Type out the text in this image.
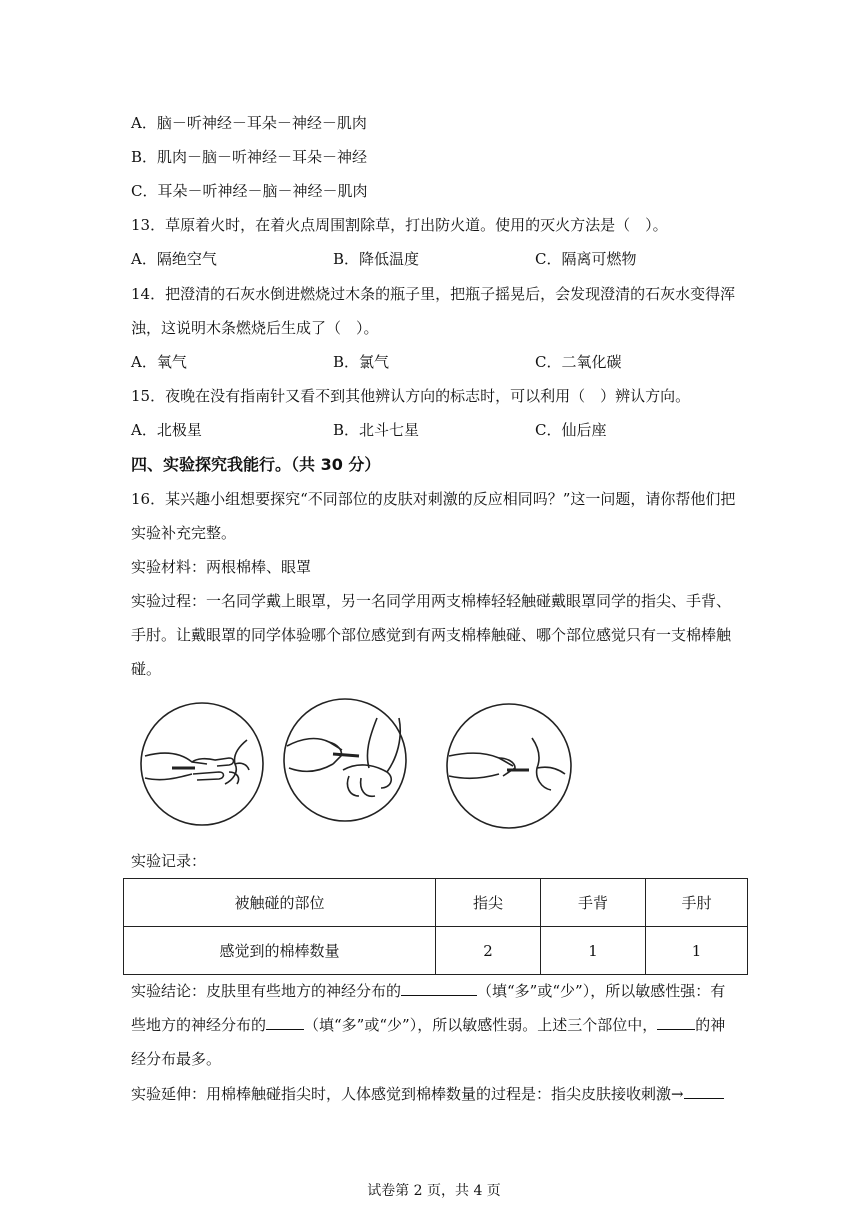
A．脑－听神经－耳朵－神经－肌肉
B．肌肉－脑－听神经－耳朵－神经
C．耳朵－听神经－脑－神经－肌肉
13．草原着火时，在着火点周围割除草，打出防火道。使用的灭火方法是（　）。
A．隔绝空气	B．降低温度	C．隔离可燃物
14．把澄清的石灰水倒进燃烧过木条的瓶子里，把瓶子摇晃后，会发现澄清的石灰水变得浑
浊，这说明木条燃烧后生成了（　）。
A．氧气	B．氯气	C．二氧化碳
15．夜晚在没有指南针又看不到其他辨认方向的标志时，可以利用（　）辨认方向。
A．北极星	B．北斗七星	C．仙后座
四、实验探究我能行。（共 30 分）
16．某兴趣小组想要探究“不同部位的皮肤对刺激的反应相同吗？”这一问题，请你帮他们把
实验补充完整。
实验材料：两根棉棒、眼罩
实验过程：一名同学戴上眼罩，另一名同学用两支棉棒轻轻触碰戴眼罩同学的指尖、手背、
手肘。让戴眼罩的同学体验哪个部位感觉到有两支棉棒触碰、哪个部位感觉只有一支棉棒触
碰。
实验记录：
被触碰的部位	指尖	手背	手肘
感觉到的棉棒数量	2	1	1
实验结论：皮肤里有些地方的神经分布的	（填“多”或“少”），所以敏感性强：有
些地方的神经分布的	（填“多”或“少”），所以敏感性弱。上述三个部位中，	的神
经分布最多。
实验延伸：用棉棒触碰指尖时，人体感觉到棉棒数量的过程是：指尖皮肤接收刺激→
试卷第 2 页，共 4 页
